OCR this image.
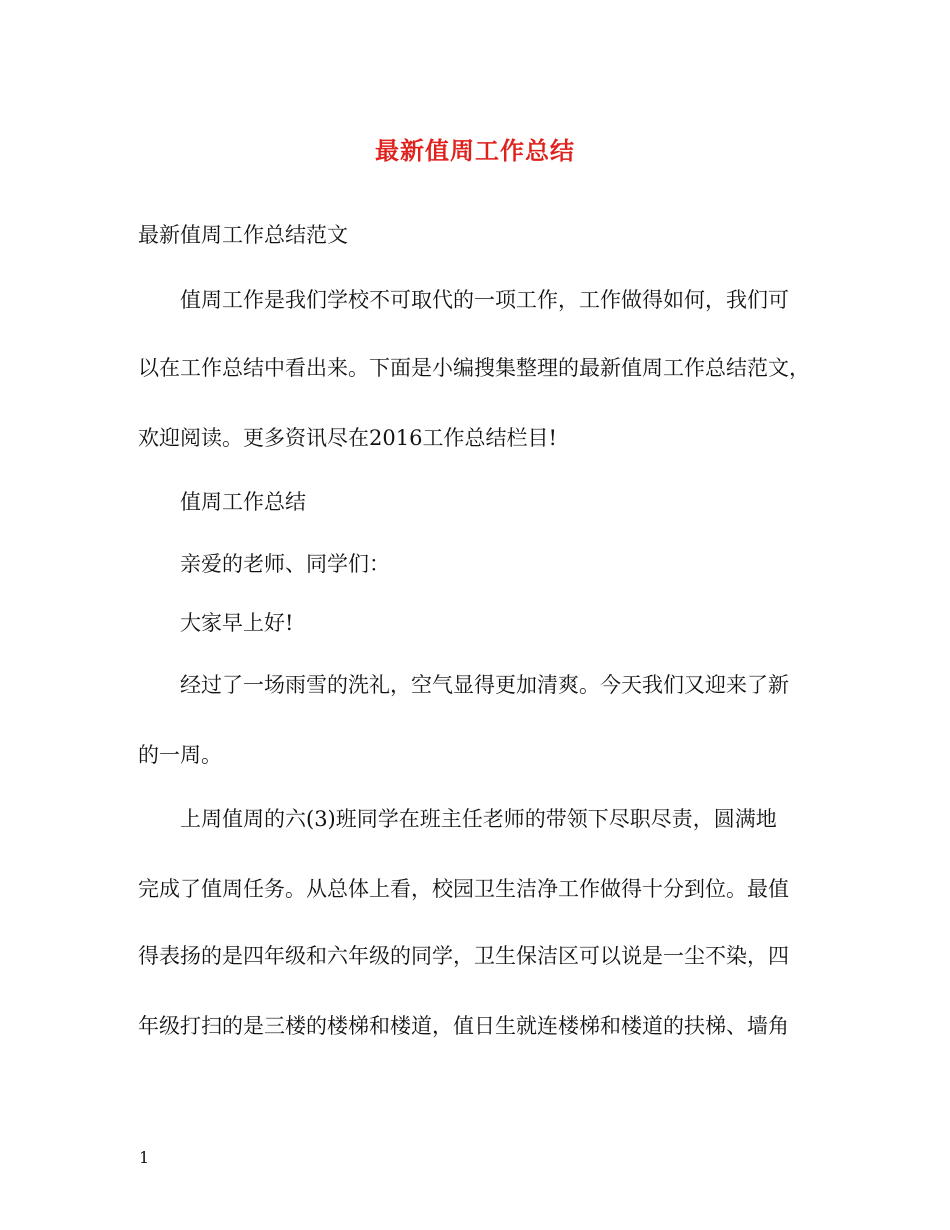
最新值周工作总结
最新值周工作总结范文
值周工作是我们学校不可取代的一项工作，工作做得如何，我们可
以在工作总结中看出来。下面是小编搜集整理的最新值周工作总结范文，
欢迎阅读。更多资讯尽在2016工作总结栏目!
值周工作总结
亲爱的老师、同学们：
大家早上好!
经过了一场雨雪的洗礼，空气显得更加清爽。今天我们又迎来了新
的一周。
上周值周的六(3)班同学在班主任老师的带领下尽职尽责，圆满地
完成了值周任务。从总体上看，校园卫生洁净工作做得十分到位。最值
得表扬的是四年级和六年级的同学，卫生保洁区可以说是一尘不染，四
年级打扫的是三楼的楼梯和楼道，值日生就连楼梯和楼道的扶梯、墙角
1
